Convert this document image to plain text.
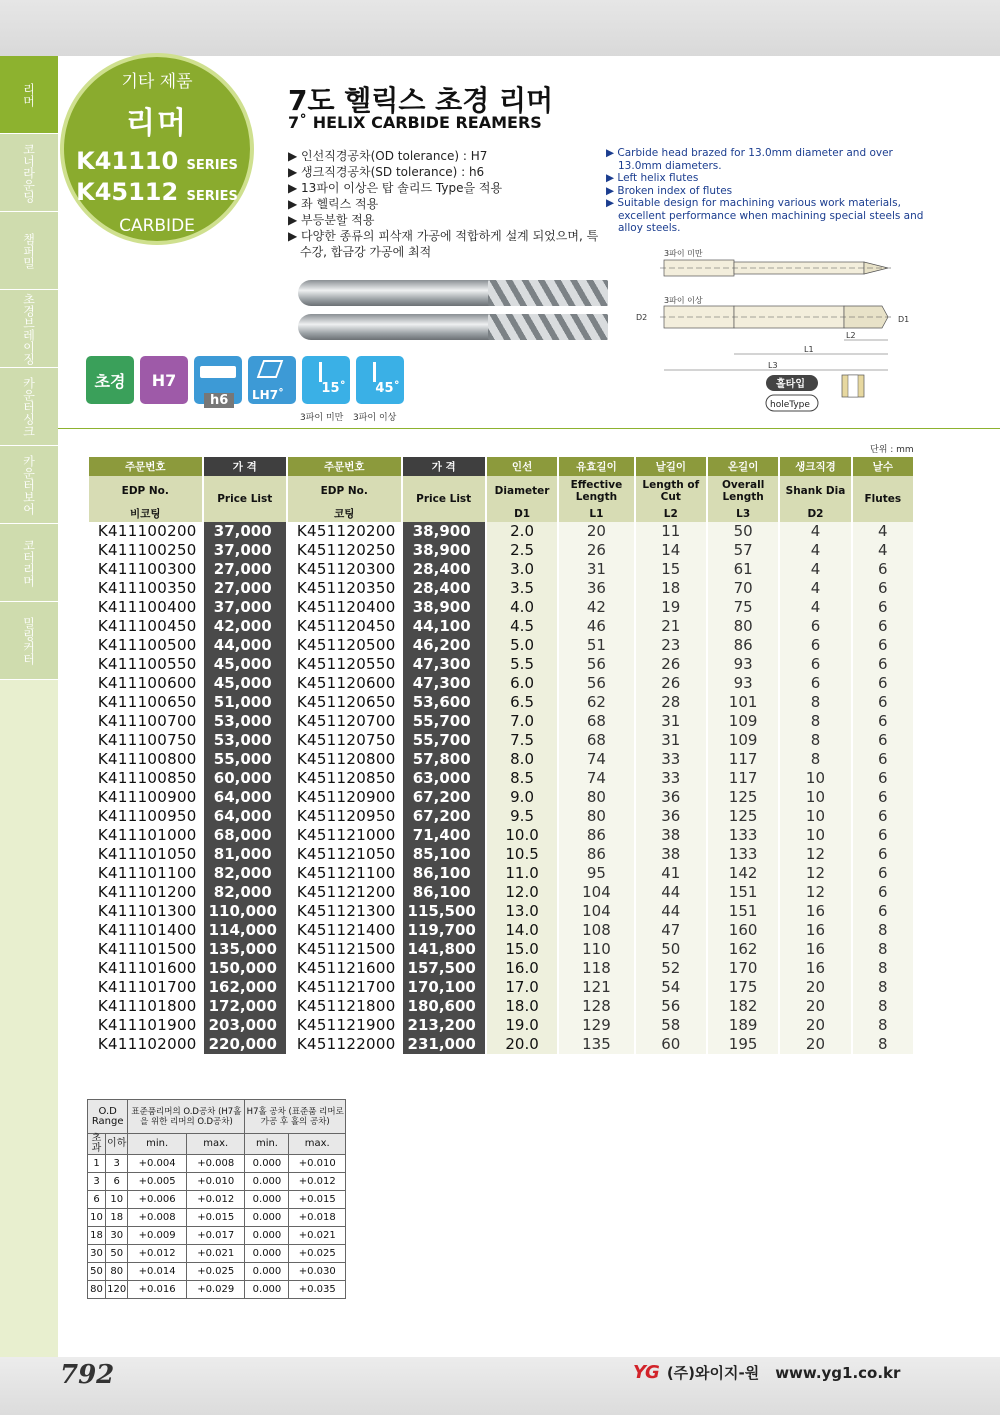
리머
코너라운딩
챔퍼밀
초경브레이징
카운터싱크
카운터보어
코터리머
밀링커터
기타 제품
리머
K41110 SERIES
K45112 SERIES
CARBIDE
7도 헬릭스 초경 리머
7˚ HELIX CARBIDE REAMERS
▶ 인선직경공차(OD tolerance) : H7
▶ 생크직경공차(SD tolerance) : h6
▶ 13파이 이상은 탑 솔리드 Type을 적용
▶ 좌 헬릭스 적용
▶ 부등분할 적용
▶ 다양한 종류의 피삭재 가공에 적합하게 설계 되었으며, 특수강, 합금강 가공에 최적
▶ Carbide head brazed for 13.0mm diameter and over 13.0mm diameters.
▶ Left helix flutes
▶ Broken index of flutes
▶ Suitable design for machining various work materials, excellent performance when machining special steels and alloy steels.
3파이 미만
3파이 이상
D2	D1
L2
L1
L3
홀타입
holeType
초경	H7
h6	LH7˚	15˚ 45˚
3파이 미만 3파이 이상
단위 : mm
주문번호	가 격	주문번호	가 격	인선	유효길이	날길이	온길이	생크직경	날수
EDP No.	Price List	EDP No.	Price List	Diameter	Effective Length	Length of Cut	Overall Length	Shank Dia	Flutes
비코팅		코팅		D1	L1	L2	L3	D2	
K411100200	37,000	K451120200	38,900	2.0	20	11	50	4	4
K411100250	37,000	K451120250	38,900	2.5	26	14	57	4	4
K411100300	27,000	K451120300	28,400	3.0	31	15	61	4	6
K411100350	27,000	K451120350	28,400	3.5	36	18	70	4	6
K411100400	37,000	K451120400	38,900	4.0	42	19	75	4	6
K411100450	42,000	K451120450	44,100	4.5	46	21	80	6	6
K411100500	44,000	K451120500	46,200	5.0	51	23	86	6	6
K411100550	45,000	K451120550	47,300	5.5	56	26	93	6	6
K411100600	45,000	K451120600	47,300	6.0	56	26	93	6	6
K411100650	51,000	K451120650	53,600	6.5	62	28	101	8	6
K411100700	53,000	K451120700	55,700	7.0	68	31	109	8	6
K411100750	53,000	K451120750	55,700	7.5	68	31	109	8	6
K411100800	55,000	K451120800	57,800	8.0	74	33	117	8	6
K411100850	60,000	K451120850	63,000	8.5	74	33	117	10	6
K411100900	64,000	K451120900	67,200	9.0	80	36	125	10	6
K411100950	64,000	K451120950	67,200	9.5	80	36	125	10	6
K411101000	68,000	K451121000	71,400	10.0	86	38	133	10	6
K411101050	81,000	K451121050	85,100	10.5	86	38	133	12	6
K411101100	82,000	K451121100	86,100	11.0	95	41	142	12	6
K411101200	82,000	K451121200	86,100	12.0	104	44	151	12	6
K411101300	110,000	K451121300	115,500	13.0	104	44	151	16	6
K411101400	114,000	K451121400	119,700	14.0	108	47	160	16	8
K411101500	135,000	K451121500	141,800	15.0	110	50	162	16	8
K411101600	150,000	K451121600	157,500	16.0	118	52	170	16	8
K411101700	162,000	K451121700	170,100	17.0	121	54	175	20	8
K411101800	172,000	K451121800	180,600	18.0	128	56	182	20	8
K411101900	203,000	K451121900	213,200	19.0	129	58	189	20	8
K411102000	220,000	K451122000	231,000	20.0	135	60	195	20	8
O.D Range		표준품리머의 O.D공차 (H7홀을 위한 리머의 O.D공차)		H7홀 공차 (표준품 리머로 가공 후 홀의 공차)	
초과	이하	min.	max.	min.	max.
1	3	+0.004	+0.008	0.000	+0.010
3	6	+0.005	+0.010	0.000	+0.012
6	10	+0.006	+0.012	0.000	+0.015
10	18	+0.008	+0.015	0.000	+0.018
18	30	+0.009	+0.017	0.000	+0.021
30	50	+0.012	+0.021	0.000	+0.025
50	80	+0.014	+0.025	0.000	+0.030
80	120	+0.016	+0.029	0.000	+0.035
792	YG (주)와이지-원 www.yg1.co.kr
